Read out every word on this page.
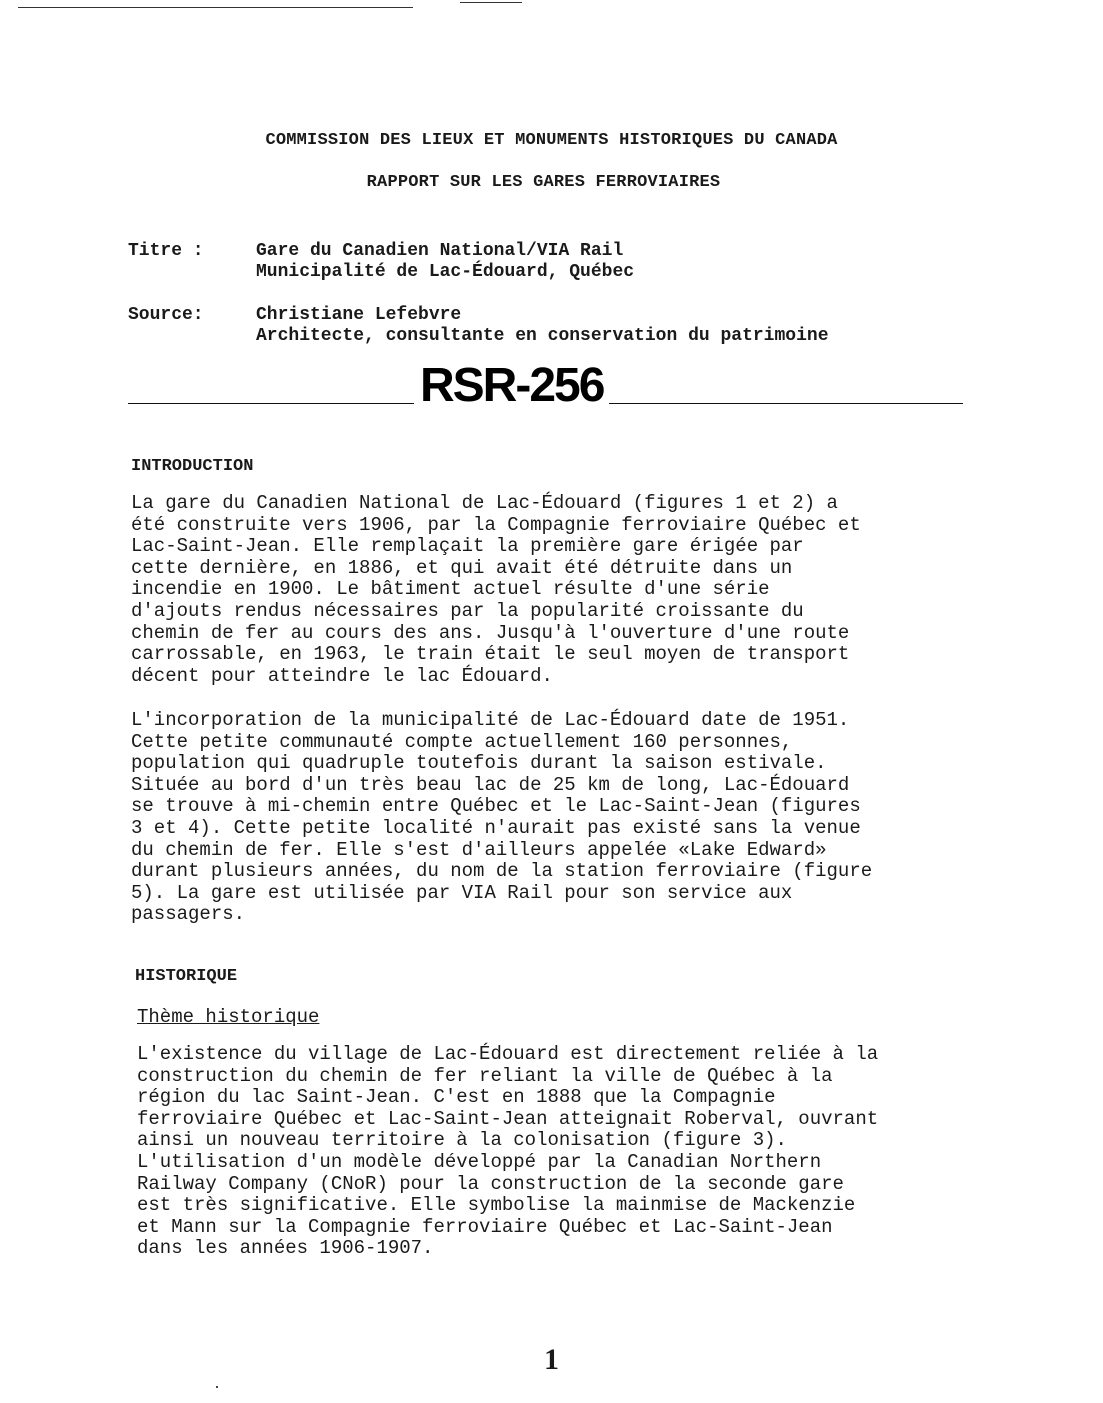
COMMISSION DES LIEUX ET MONUMENTS HISTORIQUES DU CANADA
RAPPORT SUR LES GARES FERROVIAIRES
Titre :	Gare du Canadien National/VIA Rail
Municipalité de Lac-Édouard, Québec
Source:	Christiane Lefebvre
Architecte, consultante en conservation du patrimoine
RSR-256
INTRODUCTION
La gare du Canadien National de Lac-Édouard (figures 1 et 2) a
été construite vers 1906, par la Compagnie ferroviaire Québec et
Lac-Saint-Jean. Elle remplaçait la première gare érigée par
cette dernière, en 1886, et qui avait été détruite dans un
incendie en 1900. Le bâtiment actuel résulte d'une série
d'ajouts rendus nécessaires par la popularité croissante du
chemin de fer au cours des ans. Jusqu'à l'ouverture d'une route
carrossable, en 1963, le train était le seul moyen de transport
décent pour atteindre le lac Édouard.
L'incorporation de la municipalité de Lac-Édouard date de 1951.
Cette petite communauté compte actuellement 160 personnes,
population qui quadruple toutefois durant la saison estivale.
Située au bord d'un très beau lac de 25 km de long, Lac-Édouard
se trouve à mi-chemin entre Québec et le Lac-Saint-Jean (figures
3 et 4). Cette petite localité n'aurait pas existé sans la venue
du chemin de fer. Elle s'est d'ailleurs appelée «Lake Edward»
durant plusieurs années, du nom de la station ferroviaire (figure
5). La gare est utilisée par VIA Rail pour son service aux
passagers.
HISTORIQUE
Thème historique
L'existence du village de Lac-Édouard est directement reliée à la
construction du chemin de fer reliant la ville de Québec à la
région du lac Saint-Jean. C'est en 1888 que la Compagnie
ferroviaire Québec et Lac-Saint-Jean atteignait Roberval, ouvrant
ainsi un nouveau territoire à la colonisation (figure 3).
L'utilisation d'un modèle développé par la Canadian Northern
Railway Company (CNoR) pour la construction de la seconde gare
est très significative. Elle symbolise la mainmise de Mackenzie
et Mann sur la Compagnie ferroviaire Québec et Lac-Saint-Jean
dans les années 1906-1907.
1
